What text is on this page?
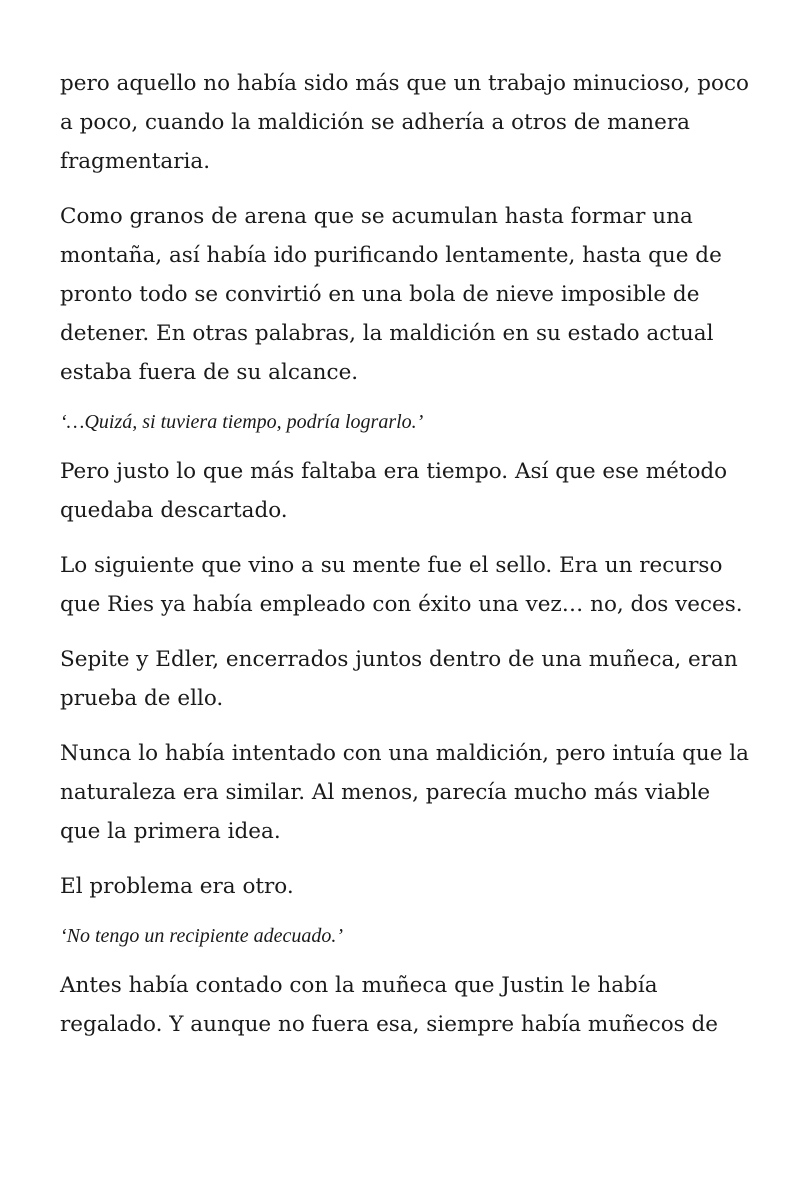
pero aquello no había sido más que un trabajo minucioso, poco a poco, cuando la maldición se adhería a otros de manera fragmentaria.

Como granos de arena que se acumulan hasta formar una montaña, así había ido purificando lentamente, hasta que de pronto todo se convirtió en una bola de nieve imposible de detener. En otras palabras, la maldición en su estado actual estaba fuera de su alcance.

‘…Quizá, si tuviera tiempo, podría lograrlo.’

Pero justo lo que más faltaba era tiempo. Así que ese método quedaba descartado.

Lo siguiente que vino a su mente fue el sello. Era un recurso que Ries ya había empleado con éxito una vez… no, dos veces.

Sepite y Edler, encerrados juntos dentro de una muñeca, eran prueba de ello.

Nunca lo había intentado con una maldición, pero intuía que la naturaleza era similar. Al menos, parecía mucho más viable que la primera idea.

El problema era otro.

‘No tengo un recipiente adecuado.’

Antes había contado con la muñeca que Justin le había regalado. Y aunque no fuera esa, siempre había muñecos de
